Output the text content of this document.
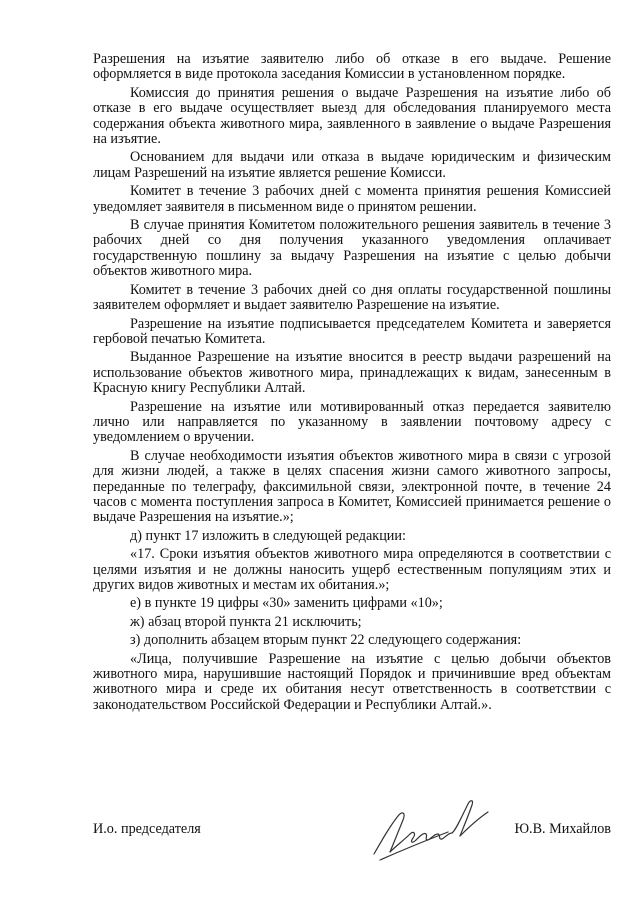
Разрешения на изъятие заявителю либо об отказе в его выдаче. Решение оформляется в виде протокола заседания Комиссии в установленном порядке.

Комиссия до принятия решения о выдаче Разрешения на изъятие либо об отказе в его выдаче осуществляет выезд для обследования планируемого места содержания объекта животного мира, заявленного в заявление о выдаче Разрешения на изъятие.

Основанием для выдачи или отказа в выдаче юридическим и физическим лицам Разрешений на изъятие является решение Комисси.

Комитет в течение 3 рабочих дней с момента принятия решения Комиссией уведомляет заявителя в письменном виде о принятом решении.

В случае принятия Комитетом положительного решения заявитель в течение 3 рабочих дней со дня получения указанного уведомления оплачивает государственную пошлину за выдачу Разрешения на изъятие с целью добычи объектов животного мира.

Комитет в течение 3 рабочих дней со дня оплаты государственной пошлины заявителем оформляет и выдает заявителю Разрешение на изъятие.

Разрешение на изъятие подписывается председателем Комитета и заверяется гербовой печатью Комитета.

Выданное Разрешение на изъятие вносится в реестр выдачи разрешений на использование объектов животного мира, принадлежащих к видам, занесенным в Красную книгу Республики Алтай.

Разрешение на изъятие или мотивированный отказ передается заявителю лично или направляется по указанному в заявлении почтовому адресу с уведомлением о вручении.

В случае необходимости изъятия объектов животного мира в связи с угрозой для жизни людей, а также в целях спасения жизни самого животного запросы, переданные по телеграфу, факсимильной связи, электронной почте, в течение 24 часов с момента поступления запроса в Комитет, Комиссией принимается решение о выдаче Разрешения на изъятие.»;

д) пункт 17 изложить в следующей редакции:

«17. Сроки изъятия объектов животного мира определяются в соответствии с целями изъятия и не должны наносить ущерб естественным популяциям этих и других видов животных и местам их обитания.»;

е) в пункте 19 цифры «30» заменить цифрами «10»;

ж) абзац второй пункта 21 исключить;

з) дополнить абзацем вторым пункт 22 следующего содержания:

«Лица, получившие Разрешение на изъятие с целью добычи объектов животного мира, нарушившие настоящий Порядок и причинившие вред объектам животного мира и среде их обитания несут ответственность в соответствии с законодательством Российской Федерации и Республики Алтай.».

И.о. председателя	Ю.В. Михайлов
